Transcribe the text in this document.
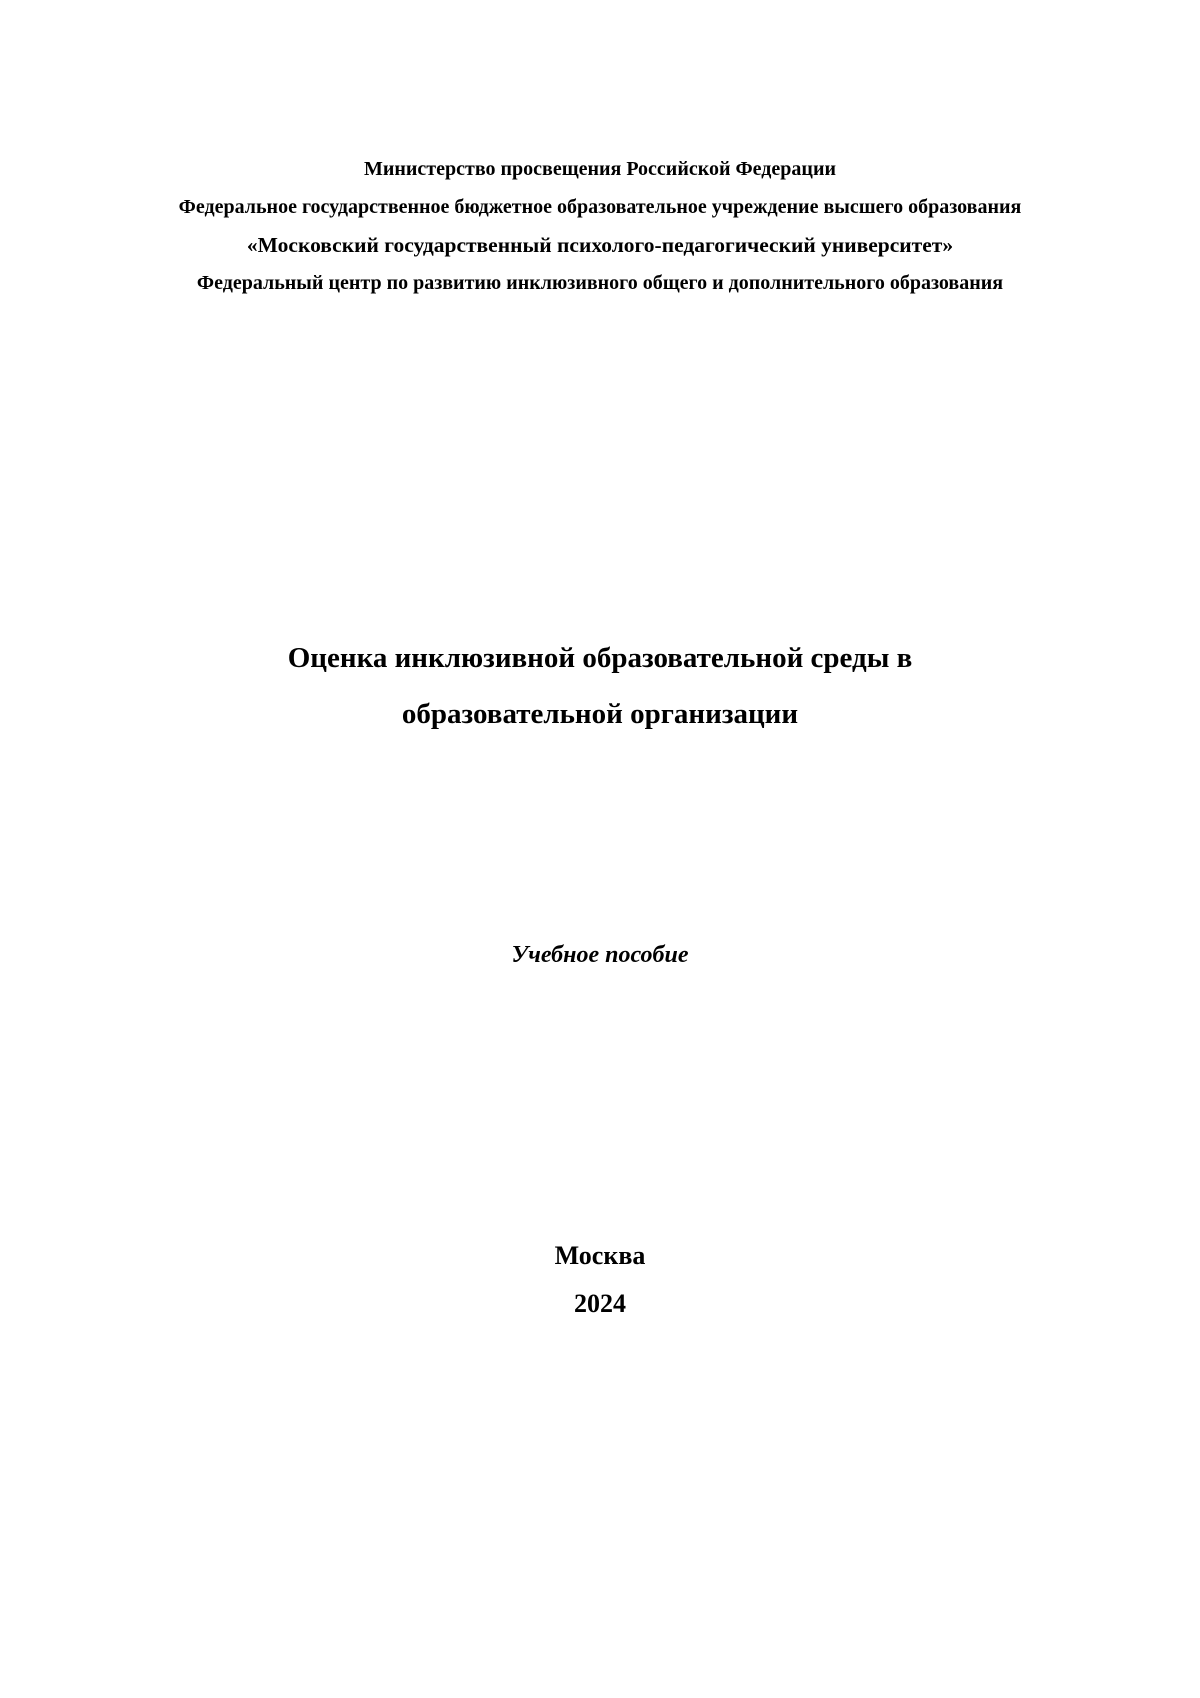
Министерство просвещения Российской Федерации
Федеральное государственное бюджетное образовательное учреждение высшего образования
«Московский государственный психолого-педагогический университет»
Федеральный центр по развитию инклюзивного общего и дополнительного образования
Оценка инклюзивной образовательной среды в
образовательной организации
Учебное пособие
Москва
2024
